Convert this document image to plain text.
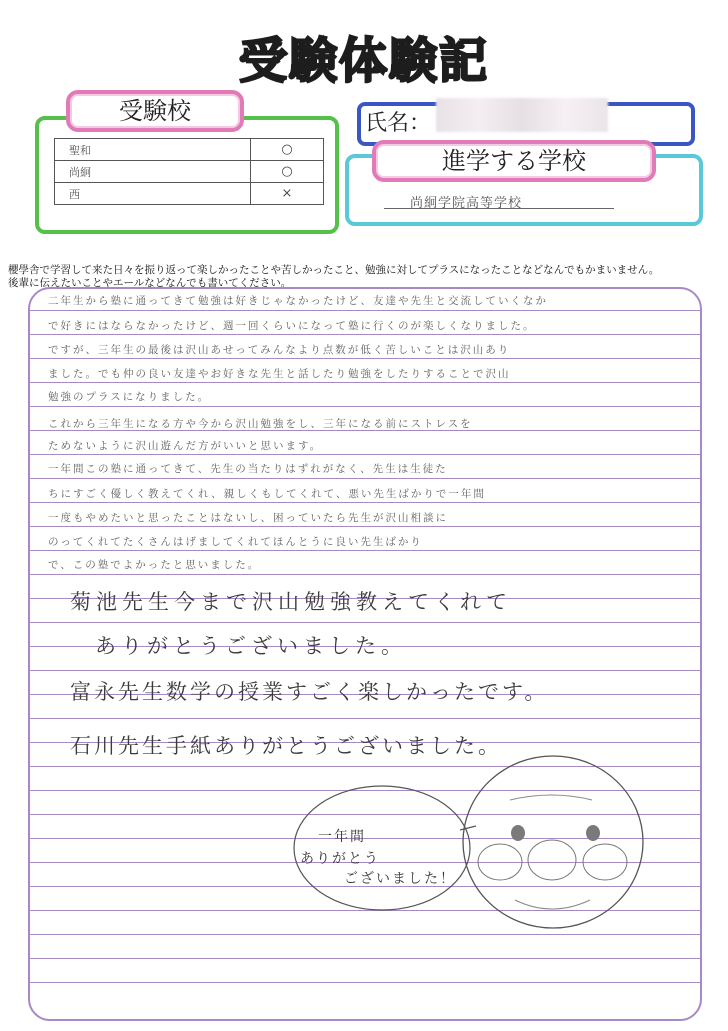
受験体験記
受験校
聖和	○
尚絅	○
西	×
氏名：
進学する学校
尚絅学院高等学校
櫻學舎で学習して来た日々を振り返って楽しかったことや苦しかったこと、勉強に対してプラスになったことなどなんでもかまいません。
後輩に伝えたいことやエールなどなんでも書いてください。
二年生から塾に通ってきて勉強は好きじゃなかったけど、友達や先生と交流していくなか
で好きにはならなかったけど、週一回くらいになって塾に行くのが楽しくなりました。
ですが、三年生の最後は沢山あせってみんなより点数が低く苦しいことは沢山あり
ました。でも仲の良い友達やお好きな先生と話したり勉強をしたりすることで沢山
勉強のプラスになりました。
これから三年生になる方や今から沢山勉強をし、三年になる前にストレスを
ためないように沢山遊んだ方がいいと思います。
一年間この塾に通ってきて、先生の当たりはずれがなく、先生は生徒た
ちにすごく優しく教えてくれ、親しくもしてくれて、悪い先生ばかりで一年間
一度もやめたいと思ったことはないし、困っていたら先生が沢山相談に
のってくれてたくさんはげましてくれてほんとうに良い先生ばかり
で、この塾でよかったと思いました。
菊池先生今まで沢山勉強教えてくれて
ありがとうございました。
富永先生数学の授業すごく楽しかったです。
石川先生手紙ありがとうございました。
一年間
ありがとう
ございました！
